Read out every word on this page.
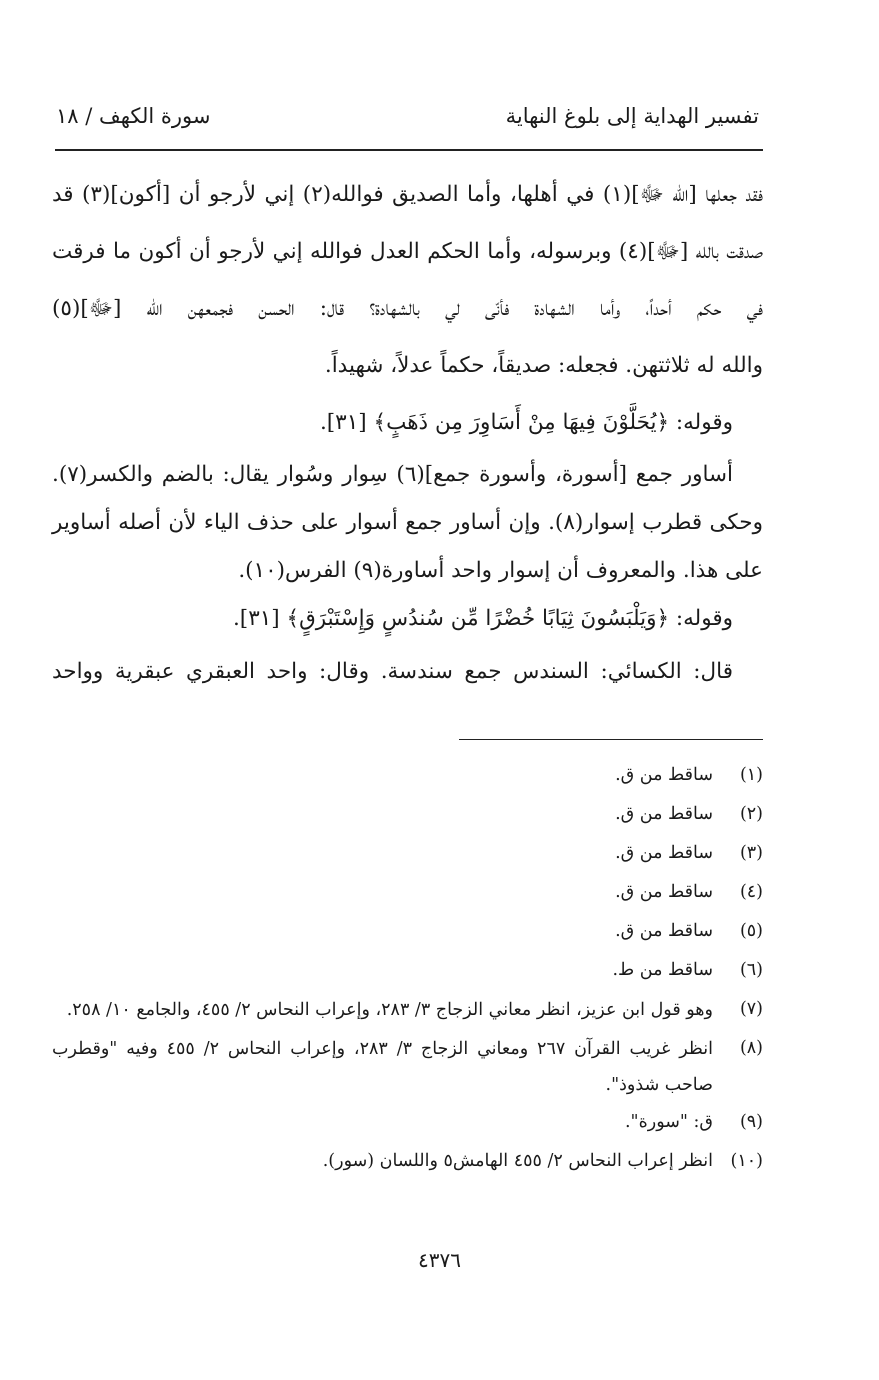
تفسير الهداية إلى بلوغ النهاية
سورة الكهف / ١٨

فقد جعلها [الله ﷻ](١) في أهلها، وأما الصديق فوالله(٢) إني لأرجو أن [أكون](٣) قد

صدقت بالله [ﷻ](٤) وبرسوله، وأما الحكم العدل فوالله إني لأرجو أن أكون ما فرقت

في حكم أحداً، وأما الشهادة فأنّى لي بالشهادة؟ قال: الحسن فجمعهن الله [ﷻ](٥)

والله له ثلاثتهن. فجعله: صديقاً، حكماً عدلاً، شهيداً.

وقوله: ﴿يُحَلَّوْنَ فِيهَا مِنْ أَسَاوِرَ مِن ذَهَبٍ﴾ [٣١].

أساور جمع [أسورة، وأسورة جمع](٦) سِوار وسُوار يقال: بالضم والكسر(٧).

وحكى قطرب إسوار(٨). وإن أساور جمع أسوار على حذف الياء لأن أصله أساوير

على هذا. والمعروف أن إسوار واحد أساورة(٩) الفرس(١٠).

وقوله: ﴿وَيَلْبَسُونَ ثِيَابًا خُضْرًا مِّن سُندُسٍ وَإِسْتَبْرَقٍ﴾ [٣١].

قال: الكسائي: السندس جمع سندسة. وقال: واحد العبقري عبقرية وواحد

(١)
ساقط من ق.
(٢)
ساقط من ق.
(٣)
ساقط من ق.
(٤)
ساقط من ق.
(٥)
ساقط من ق.
(٦)
ساقط من ط.
(٧)
وهو قول ابن عزيز، انظر معاني الزجاج ٣/ ٢٨٣، وإعراب النحاس ٢/ ٤٥٥، والجامع ١٠/ ٢٥٨.
(٨)
انظر غريب القرآن ٢٦٧ ومعاني الزجاج ٣/ ٢٨٣، وإعراب النحاس ٢/ ٤٥٥ وفيه "وقطرب صاحب شذوذ".
(٩)
ق: "سورة".
(١٠)
انظر إعراب النحاس ٢/ ٤٥٥ الهامش٥ واللسان (سور).
٤٣٧٦
